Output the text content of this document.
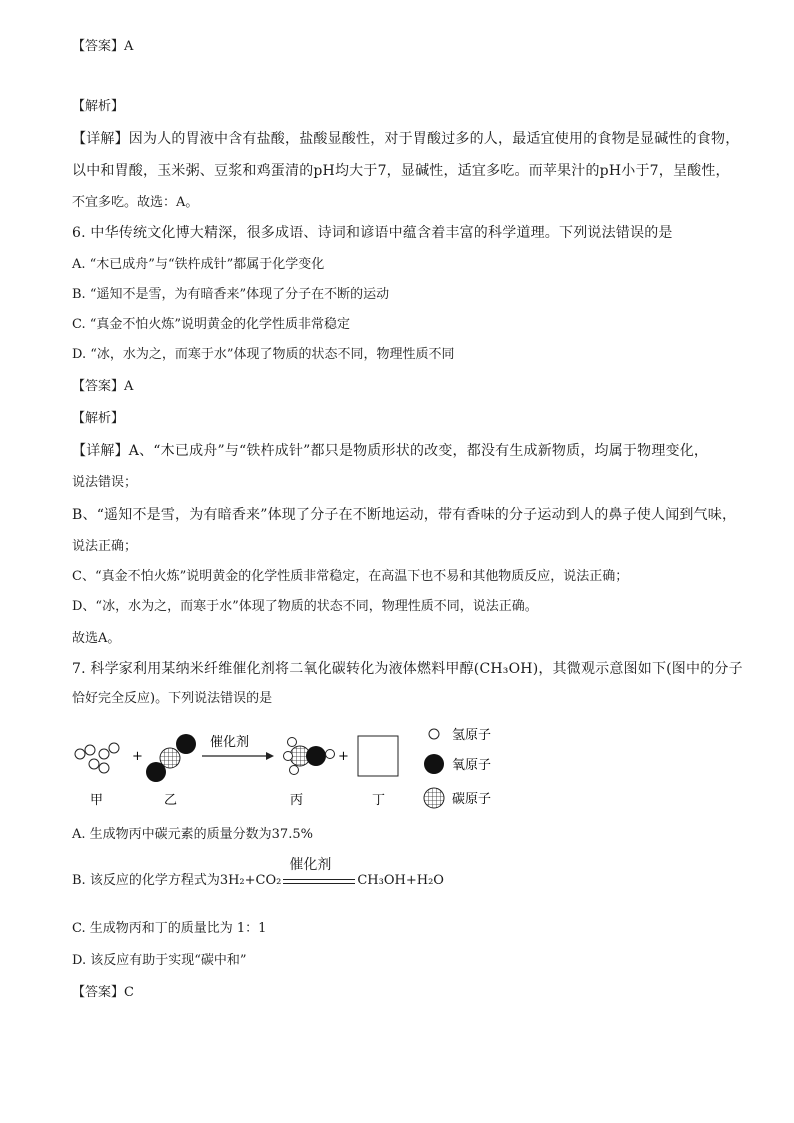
【答案】A
【解析】
【详解】因为人的胃液中含有盐酸，盐酸显酸性，对于胃酸过多的人，最适宜使用的食物是显碱性的食物，
以中和胃酸，玉米粥、豆浆和鸡蛋清的pH均大于7，显碱性，适宜多吃。而苹果汁的pH小于7，呈酸性，
不宜多吃。故选：A。
6. 中华传统文化博大精深，很多成语、诗词和谚语中蕴含着丰富的科学道理。下列说法错误的是
A. “木已成舟”与“铁杵成针”都属于化学变化
B. “遥知不是雪，为有暗香来”体现了分子在不断的运动
C. “真金不怕火炼”说明黄金的化学性质非常稳定
D. “冰，水为之，而寒于水”体现了物质的状态不同，物理性质不同
【答案】A
【解析】
【详解】A、“木已成舟”与“铁杵成针”都只是物质形状的改变，都没有生成新物质，均属于物理变化，
说法错误；
B、“遥知不是雪，为有暗香来”体现了分子在不断地运动，带有香味的分子运动到人的鼻子使人闻到气味，
说法正确；
C、“真金不怕火炼”说明黄金的化学性质非常稳定，在高温下也不易和其他物质反应，说法正确；
D、“冰，水为之，而寒于水”体现了物质的状态不同，物理性质不同，说法正确。
故选A。
7. 科学家利用某纳米纤维催化剂将二氧化碳转化为液体燃料甲醇(CH₃OH)，其微观示意图如下(图中的分子
恰好完全反应)。下列说法错误的是
+
催化剂
+
甲	乙	丙	丁
氢原子
氧原子
碳原子
A. 生成物丙中碳元素的质量分数为37.5%
B. 该反应的化学方程式为3H₂+CO₂
催化剂
CH₃OH+H₂O
C. 生成物丙和丁的质量比为 1：1
D. 该反应有助于实现“碳中和”
【答案】C
